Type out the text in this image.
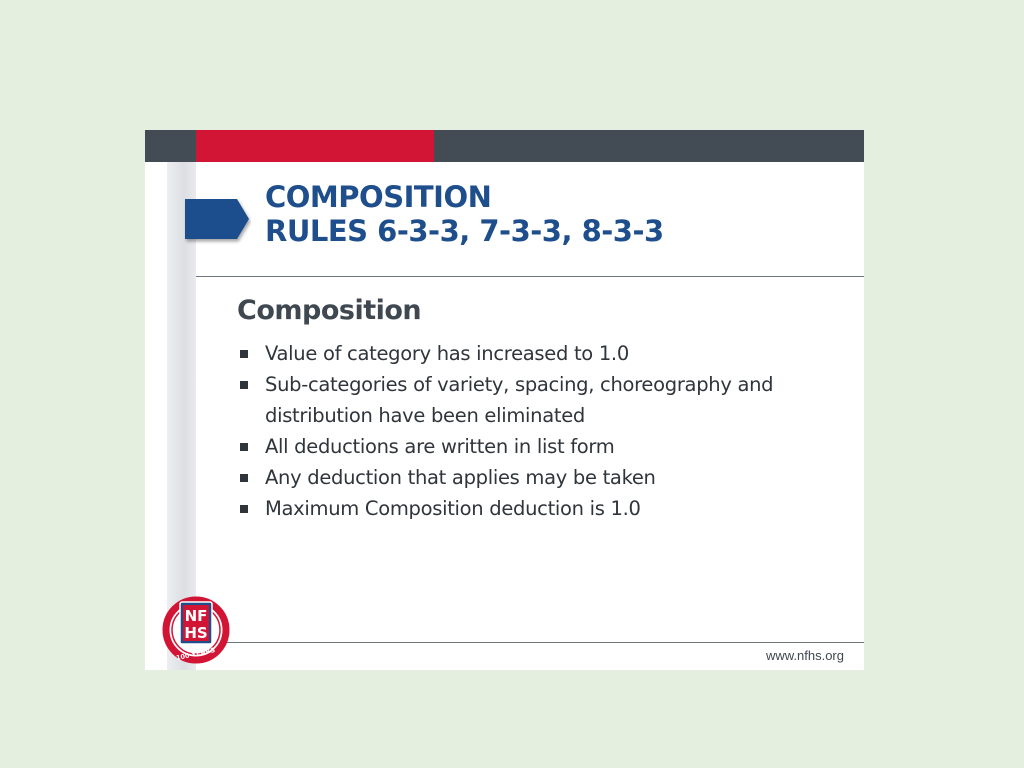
COMPOSITION
RULES 6-3-3, 7-3-3, 8-3-3
Composition
Value of category has increased to 1.0
Sub-categories of variety, spacing, choreography and distribution have been eliminated
All deductions are written in list form
Any deduction that applies may be taken
Maximum Composition deduction is 1.0
www.nfhs.org
NF
HS
100 YEARS
